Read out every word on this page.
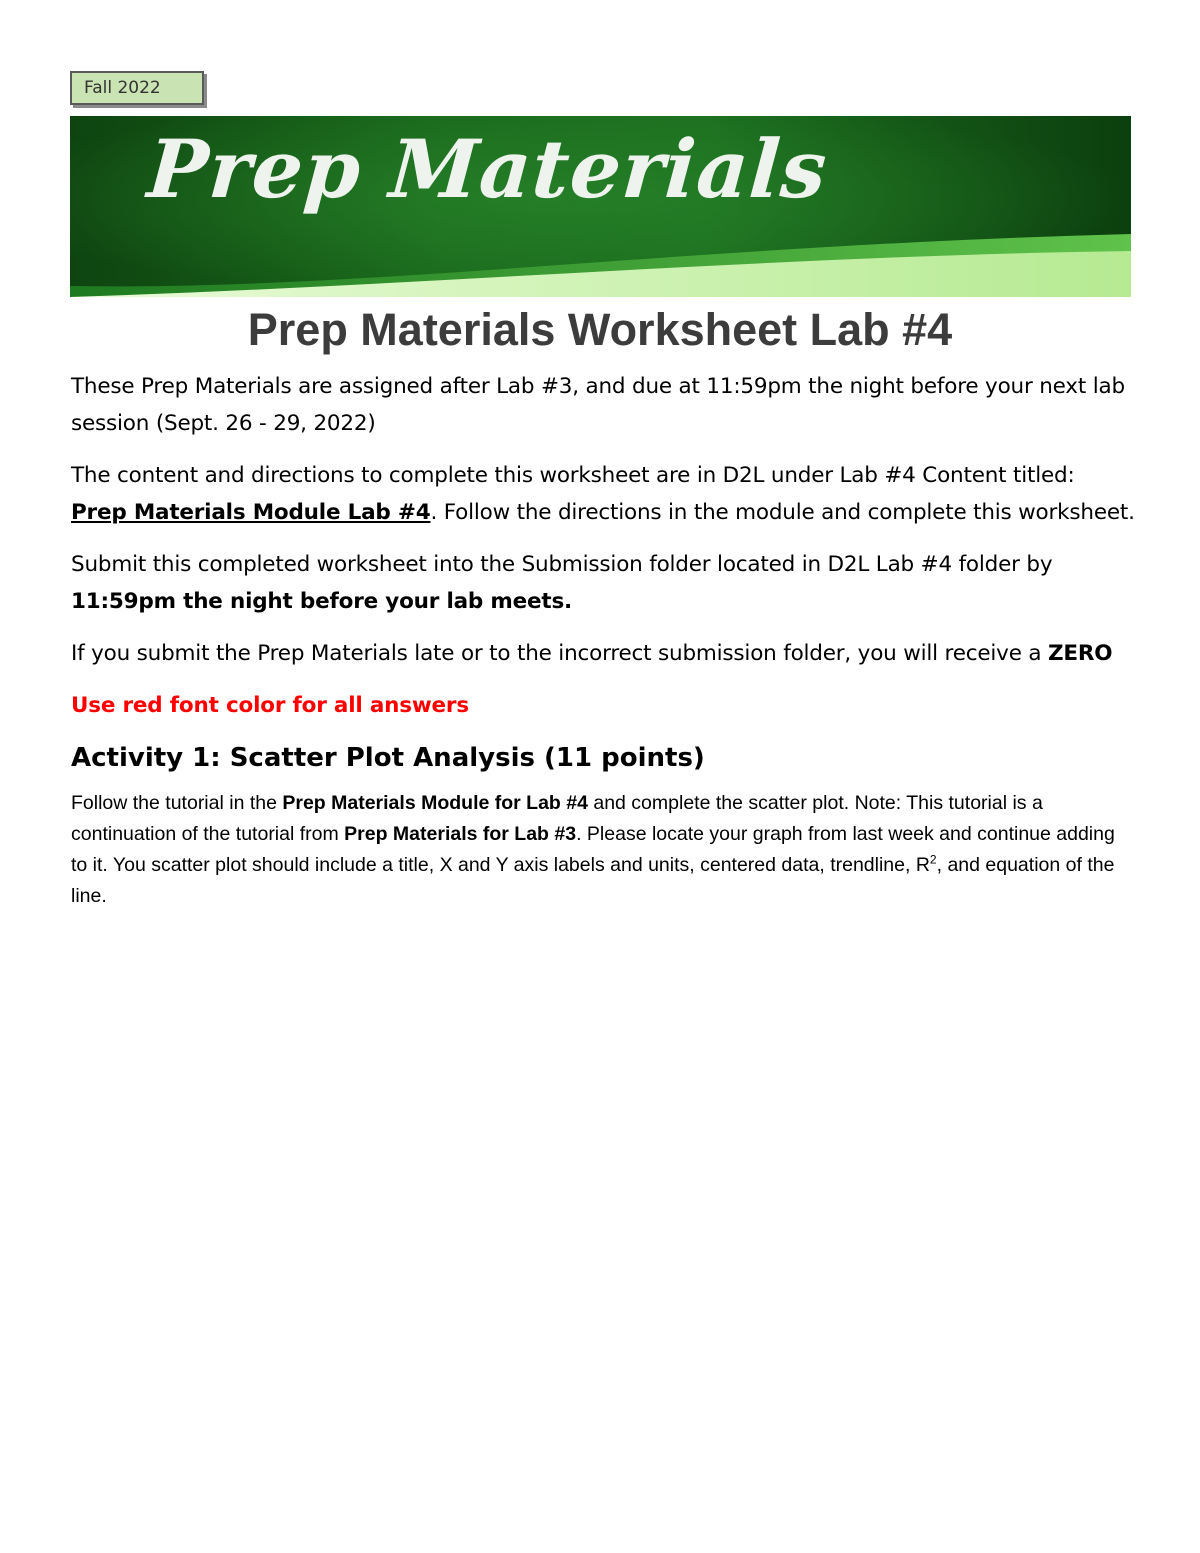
Fall 2022
Prep Materials
Prep Materials Worksheet Lab #4

These Prep Materials are assigned after Lab #3, and due at 11:59pm the night before your next lab session (Sept. 26 - 29, 2022)

The content and directions to complete this worksheet are in D2L under Lab #4 Content titled: Prep Materials Module Lab #4. Follow the directions in the module and complete this worksheet.

Submit this completed worksheet into the Submission folder located in D2L Lab #4 folder by 11:59pm the night before your lab meets.

If you submit the Prep Materials late or to the incorrect submission folder, you will receive a ZERO

Use red font color for all answers

Activity 1: Scatter Plot Analysis (11 points)

Follow the tutorial in the Prep Materials Module for Lab #4 and complete the scatter plot. Note: This tutorial is a continuation of the tutorial from Prep Materials for Lab #3. Please locate your graph from last week and continue adding to it. You scatter plot should include a title, X and Y axis labels and units, centered data, trendline, $R^2$, and equation of the line.
